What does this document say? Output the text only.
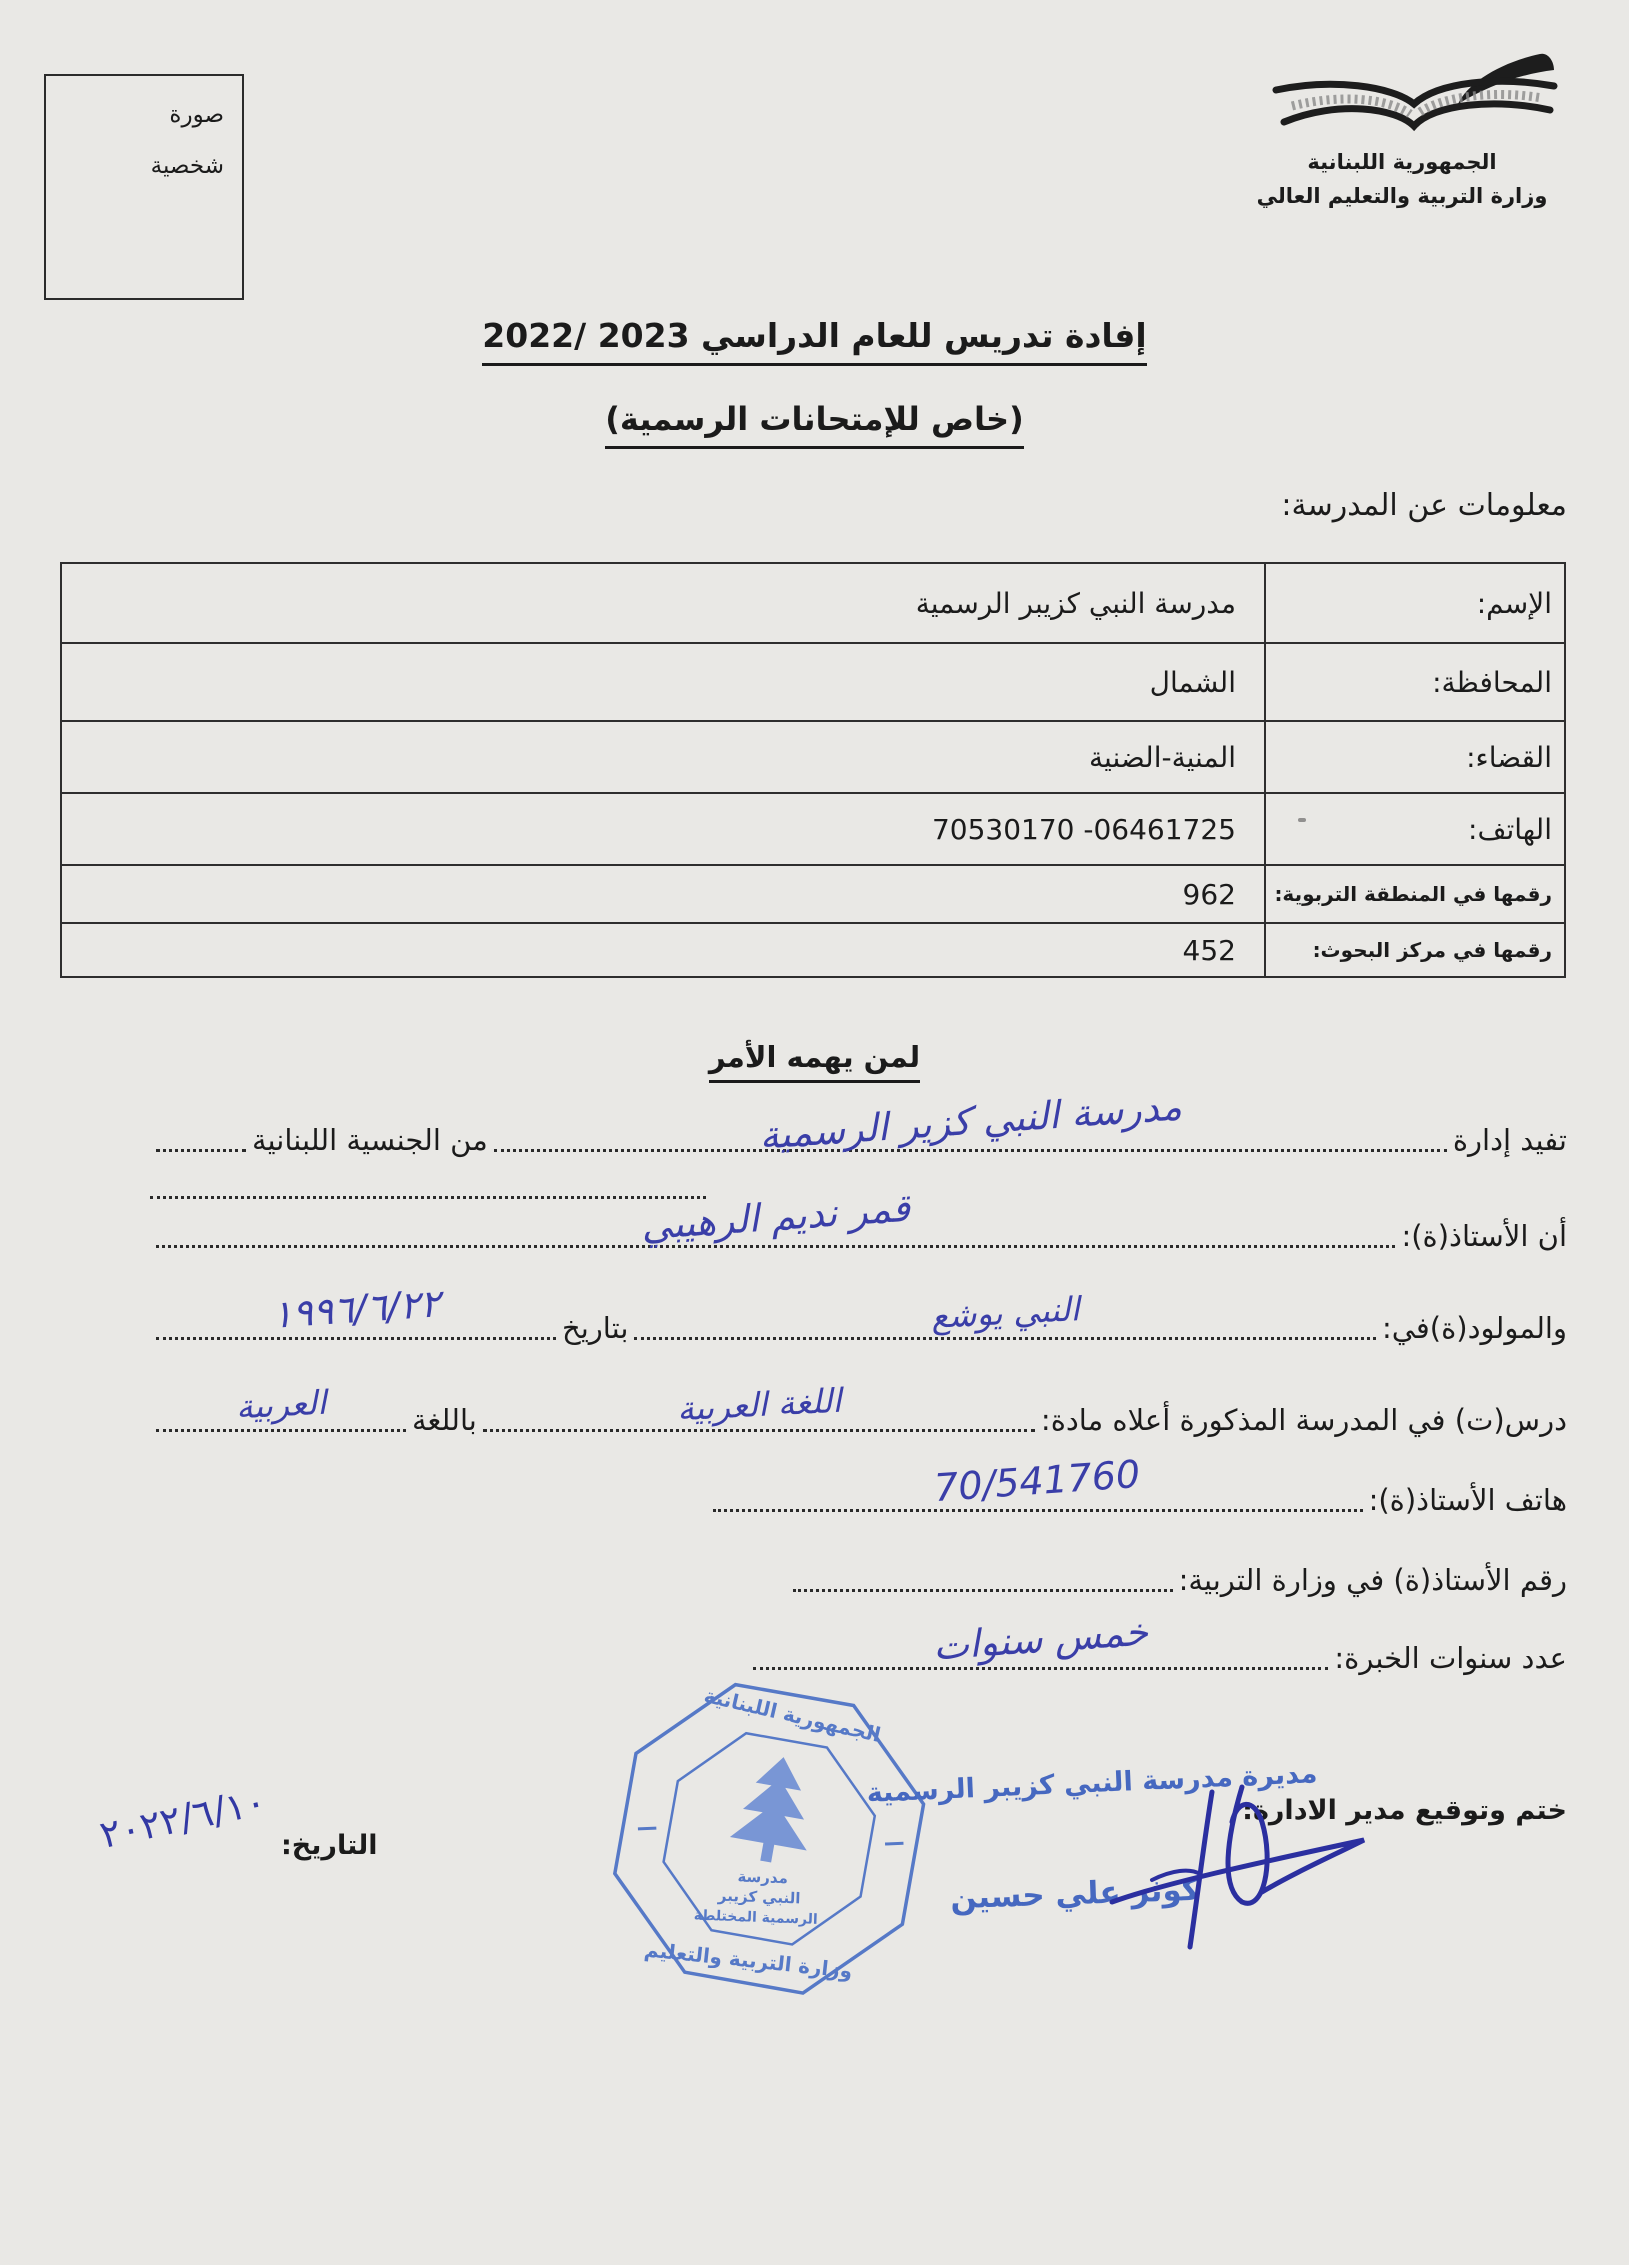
صورة
شخصية	الجمهورية اللبنانية
وزارة التربية والتعليم العالي
إفادة تدريس للعام الدراسي 2023 /2022
(خاص للإمتحانات الرسمية)
معلومات عن المدرسة:
الإسم:
مدرسة النبي كزيبر الرسمية
المحافظة:
الشمال
القضاء:
المنية-الضنية
الهاتف:
70530170 -06461725
رقمها في المنطقة التربوية:
962
رقمها في مركز البحوث:
452
لمن يهمه الأمر
تفيد إدارة
مدرسة النبي كزير الرسمية
من الجنسية اللبنانية
أن الأستاذ(ة):
قمر نديم الرهيبي
والمولود(ة)في:
النبي يوشع
بتاريخ
١٩٩٦/٦/٢٢
درس(ت) في المدرسة المذكورة أعلاه مادة:
اللغة العربية
باللغة
العربية
هاتف الأستاذ(ة):
70/541760
رقم الأستاذ(ة) في وزارة التربية:
عدد سنوات الخبرة:
خمس سنوات
ختم وتوقيع مدير الادارة:
مديرة مدرسة النبي كزيبر الرسمية
كوثر علي حسين
الجمهورية اللبنانية
وزارة التربية والتعليم
مدرسة
النبي كزيبر
الرسمية المختلطة
التاريخ:
٢٠٢٢/٦/١٠
